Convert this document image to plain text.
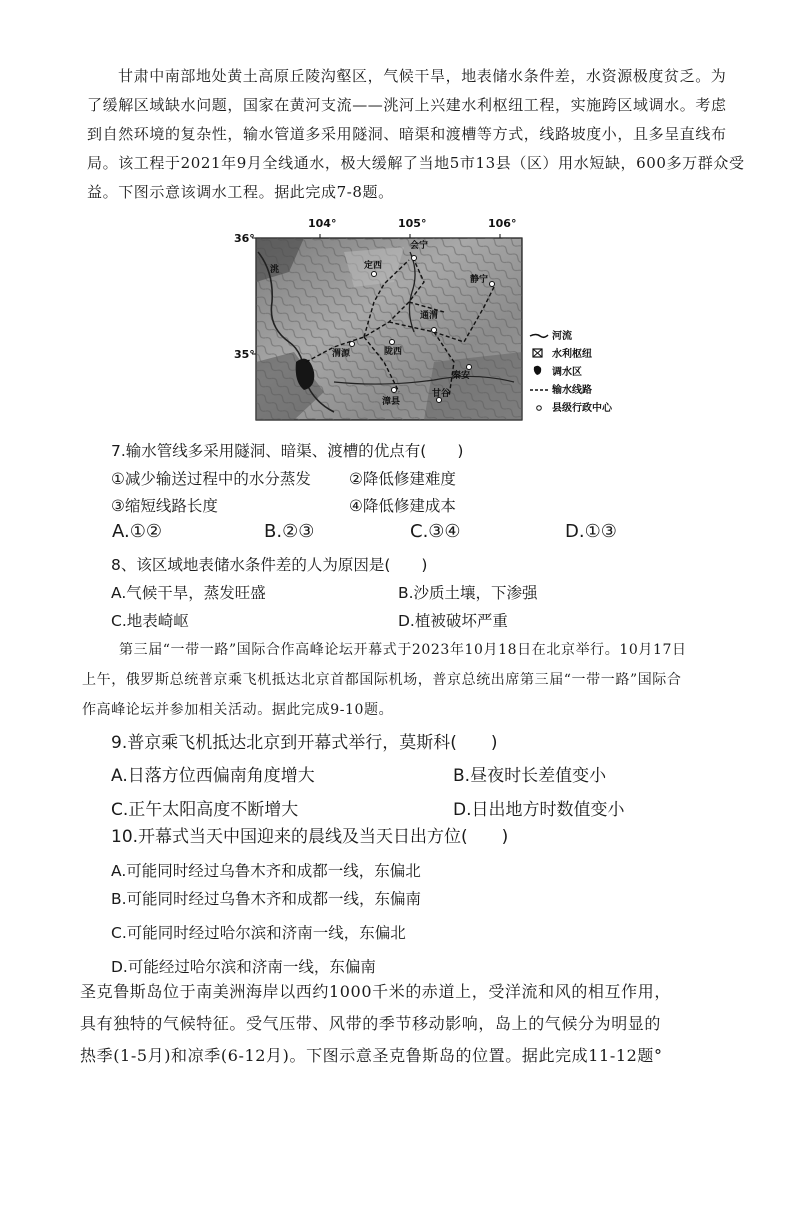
甘肃中南部地处黄土高原丘陵沟壑区，气候干旱，地表储水条件差，水资源极度贫乏。为
了缓解区域缺水问题，国家在黄河支流——洮河上兴建水利枢纽工程，实施跨区域调水。考虑
到自然环境的复杂性，输水管道多采用隧洞、暗渠和渡槽等方式，线路坡度小，且多呈直线布
局。该工程于2021年9月全线通水，极大缓解了当地5市13县（区）用水短缺，600多万群众受
益。下图示意该调水工程。据此完成7-8题。
104°	105°	106°
36°
35°
定西
会宁
静宁
通渭
陇西
渭源
秦安
漳县
甘谷
洮
河流
水利枢纽
调水区
输水线路
县级行政中心
7.输水管线多采用隧洞、暗渠、渡槽的优点有(　　)
①减少输送过程中的水分蒸发 ②降低修建难度
③缩短线路长度	④降低修建成本
A.①②	B.②③	C.③④	D.①③
8、该区域地表储水条件差的人为原因是(　　)
A.气候干旱，蒸发旺盛	B.沙质土壤，下渗强
C.地表崎岖	D.植被破坏严重
第三届“一带一路”国际合作高峰论坛开幕式于2023年10月18日在北京举行。10月17日
上午，俄罗斯总统普京乘飞机抵达北京首都国际机场，普京总统出席第三届“一带一路”国际合
作高峰论坛并参加相关活动。据此完成9-10题。
9.普京乘飞机抵达北京到开幕式举行，莫斯科(　　)
A.日落方位西偏南角度增大	B.昼夜时长差值变小
C.正午太阳高度不断增大	D.日出地方时数值变小
10.开幕式当天中国迎来的晨线及当天日出方位(　　)
A.可能同时经过乌鲁木齐和成都一线，东偏北
B.可能同时经过乌鲁木齐和成都一线，东偏南
C.可能同时经过哈尔滨和济南一线，东偏北
D.可能经过哈尔滨和济南一线，东偏南
圣克鲁斯岛位于南美洲海岸以西约1000千米的赤道上，受洋流和风的相互作用，
具有独特的气候特征。受气压带、风带的季节移动影响，岛上的气候分为明显的
热季(1-5月)和凉季(6-12月)。下图示意圣克鲁斯岛的位置。据此完成11-12题°
